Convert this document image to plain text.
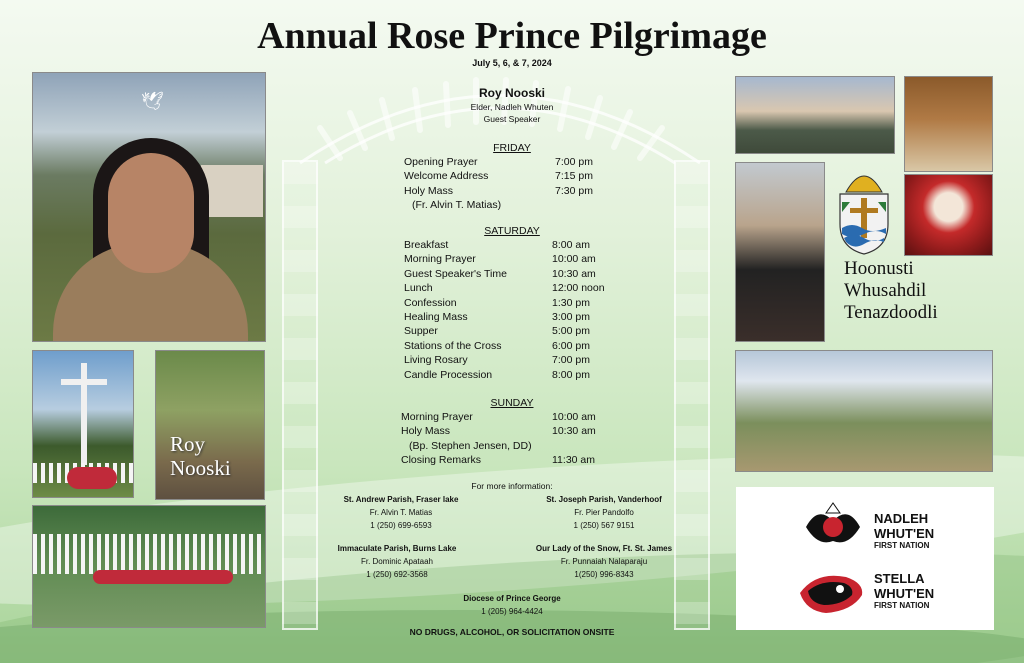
Annual Rose Prince Pilgrimage
July 5, 6, & 7, 2024
🕊
Roy
Nooski
Hoonusti
Whusahdil
Tenazdoodli
NADLEH
WHUT'EN
FIRST NATION
STELLA
WHUT'EN
FIRST NATION
Roy Nooski
Elder, Nadleh Whuten
Guest Speaker
FRIDAY
SATURDAY
SUNDAY
Opening Prayer	7:00 pm
Welcome Address	7:15 pm
Holy Mass	7:30 pm
(Fr. Alvin T. Matias)
Breakfast	8:00 am
Morning Prayer	10:00 am
Guest Speaker's Time	10:30 am
Lunch	12:00 noon
Confession	1:30 pm
Healing Mass	3:00 pm
Supper	5:00 pm
Stations of the Cross	6:00 pm
Living Rosary	7:00 pm
Candle Procession	8:00 pm
Morning Prayer	10:00 am
Holy Mass	10:30 am
(Bp. Stephen Jensen, DD)
Closing Remarks	11:30 am
For more information:
St. Andrew Parish, Fraser lake
Fr. Alvin T. Matias
1 (250) 699-6593
St. Joseph Parish, Vanderhoof
Fr. Pier Pandolfo
1 (250) 567 9151
Immaculate Parish, Burns Lake
Fr. Dominic Apataah
1 (250) 692-3568
Our Lady of the Snow, Ft. St. James
Fr. Punnaiah Nalaparaju
1(250) 996-8343
Diocese of Prince George
1 (205) 964-4424
NO DRUGS, ALCOHOL, OR SOLICITATION ONSITE
